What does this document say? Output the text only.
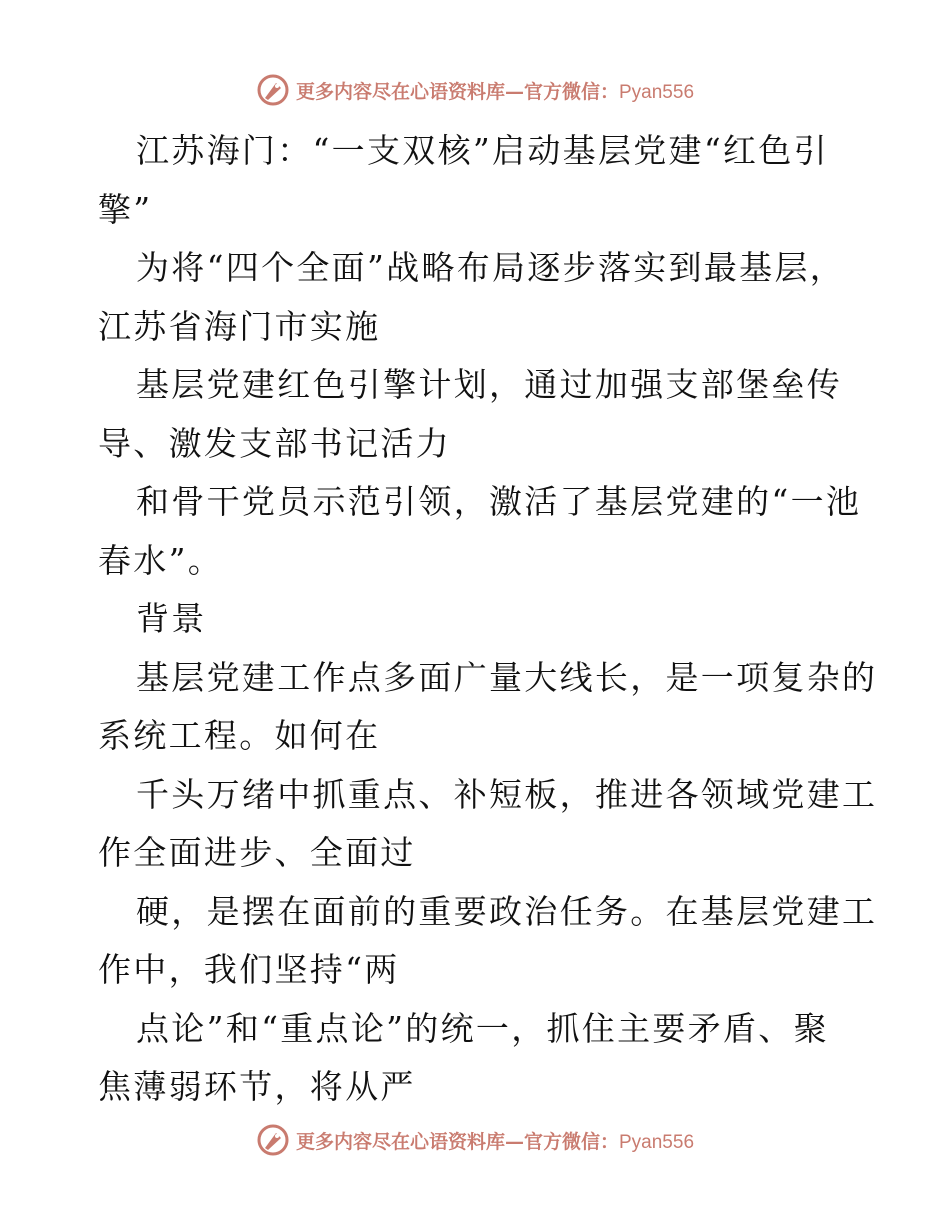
更多内容尽在心语资料库—官方微信：Pyan556
江苏海门：“一支双核”启动基层党建“红色引
擎”
为将“四个全面”战略布局逐步落实到最基层，
江苏省海门市实施
基层党建红色引擎计划，通过加强支部堡垒传
导、激发支部书记活力
和骨干党员示范引领，激活了基层党建的“一池
春水”。
背景
基层党建工作点多面广量大线长，是一项复杂的
系统工程。如何在
千头万绪中抓重点、补短板，推进各领域党建工
作全面进步、全面过
硬，是摆在面前的重要政治任务。在基层党建工
作中，我们坚持“两
点论”和“重点论”的统一，抓住主要矛盾、聚
焦薄弱环节，将从严
更多内容尽在心语资料库—官方微信：Pyan556
